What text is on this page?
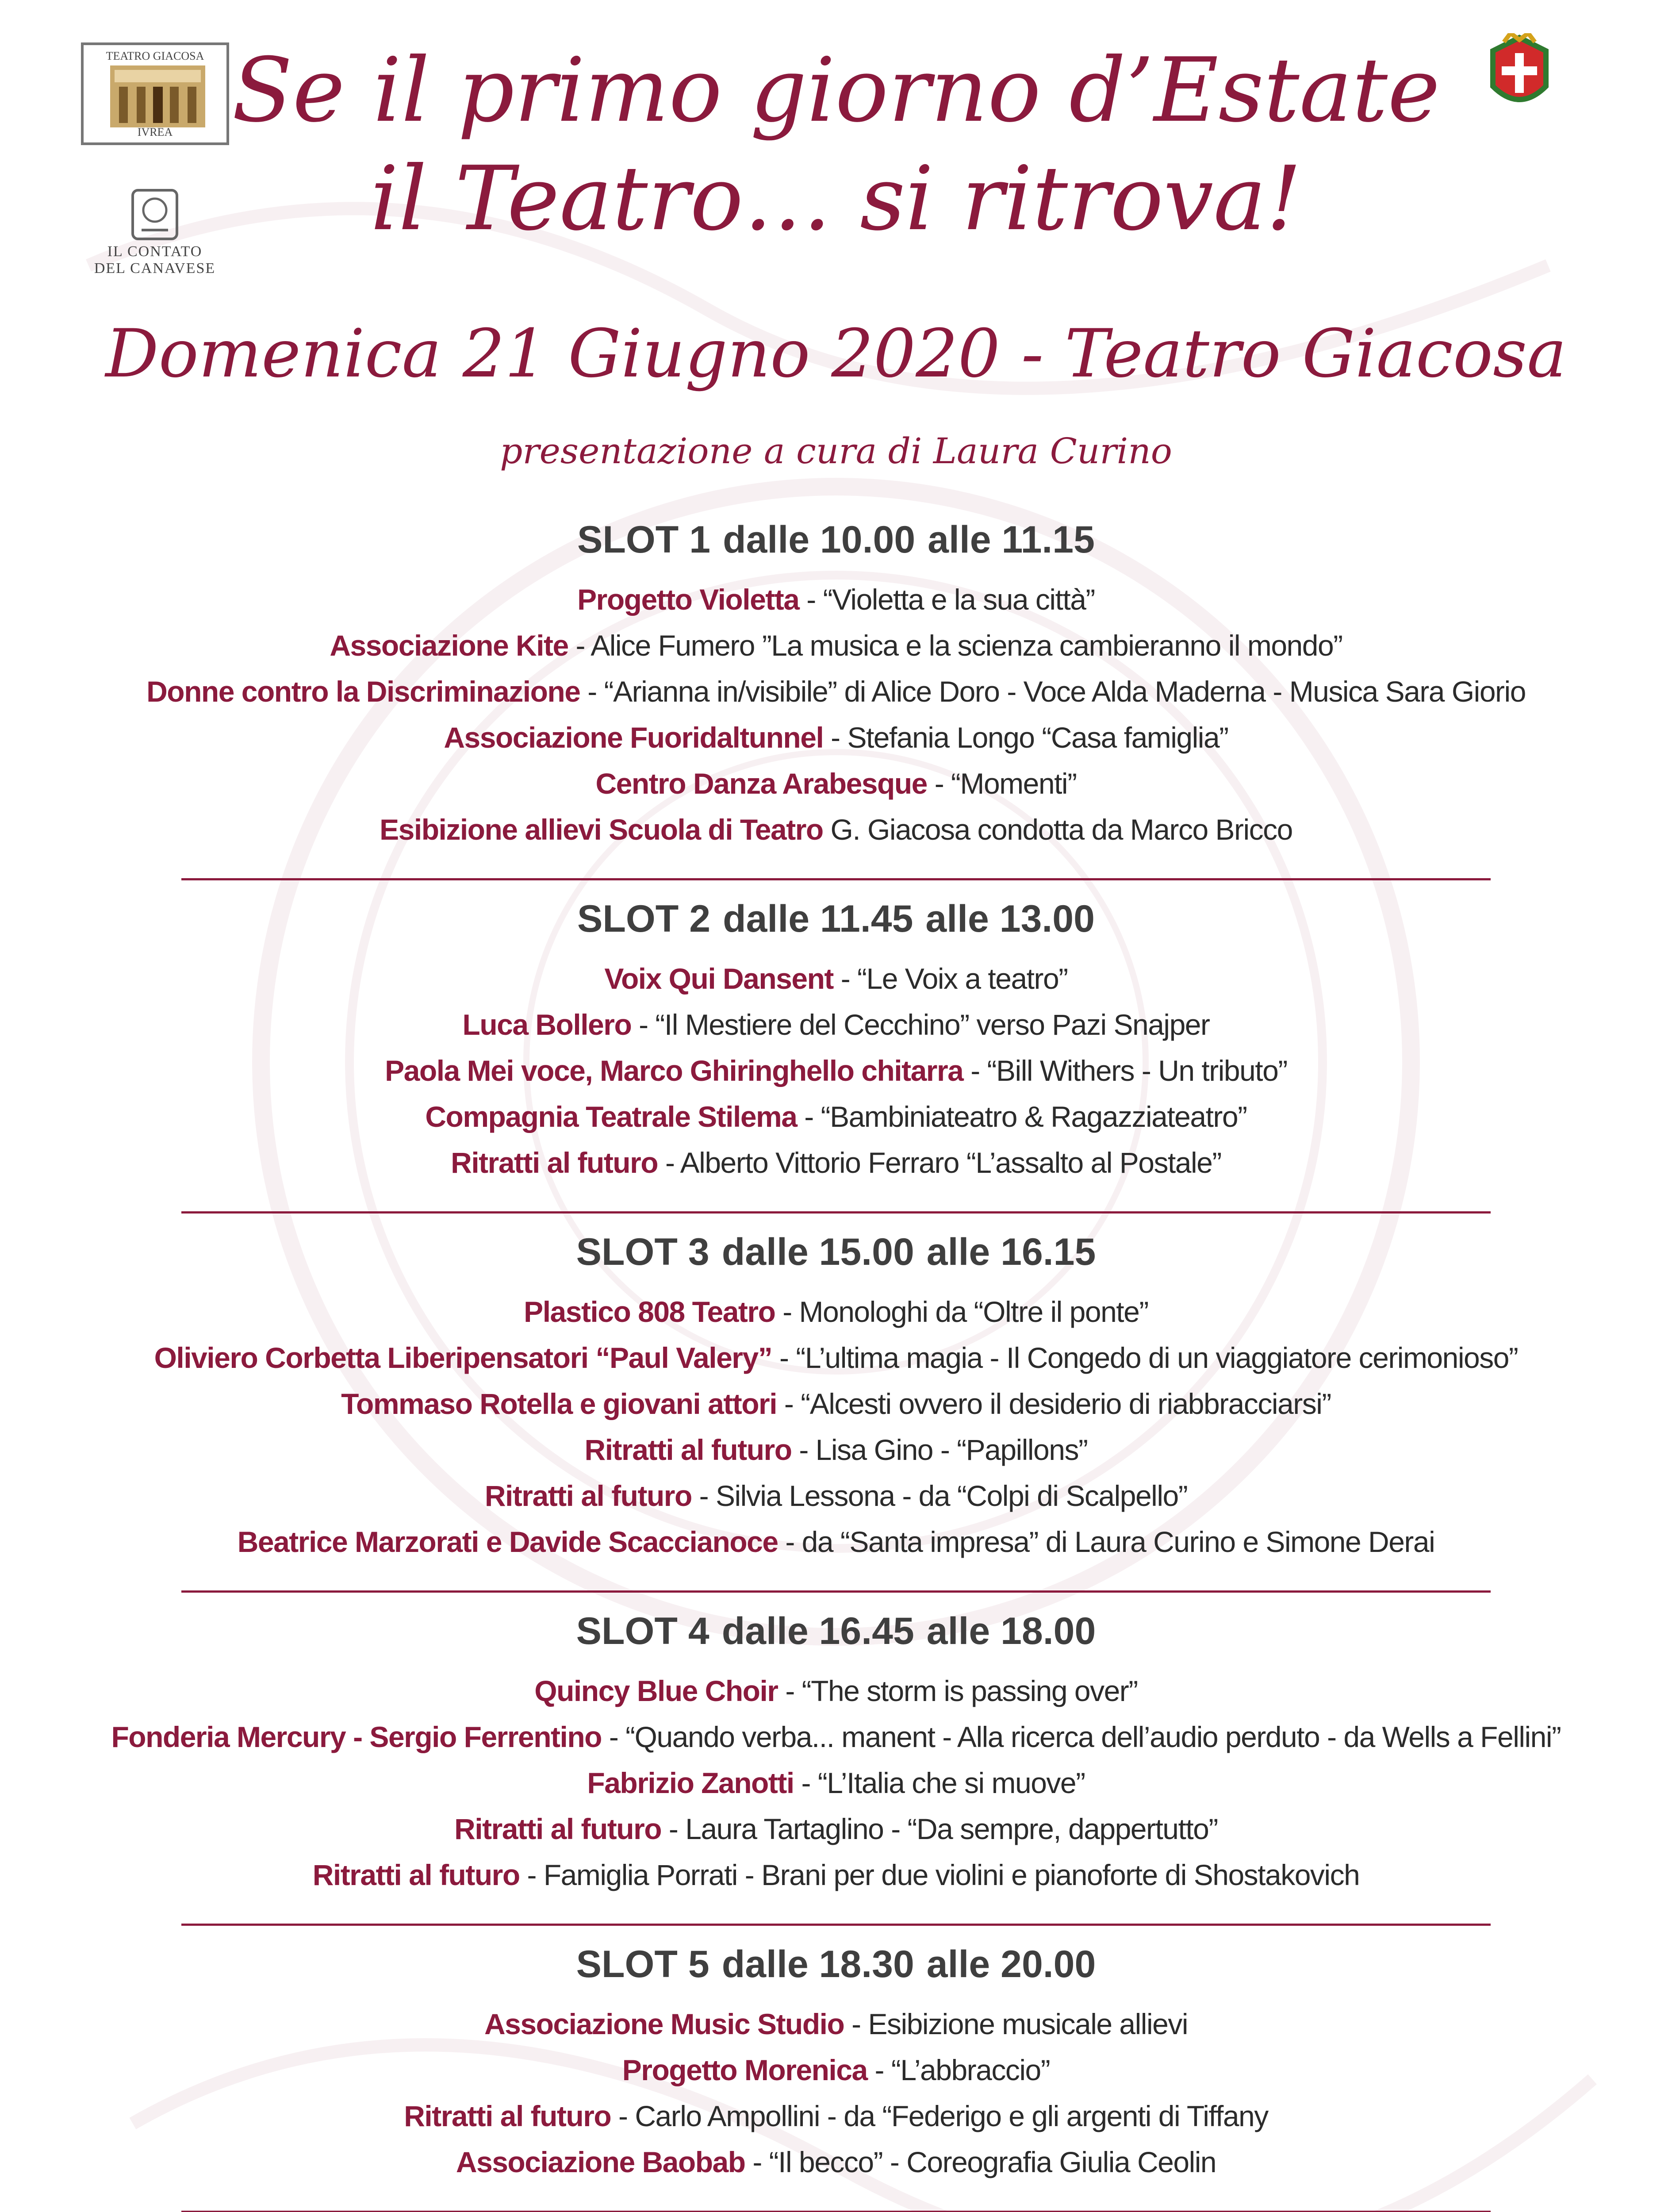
TEATRO GIACOSA
IVREA
IL CONTATO
DEL CANAVESE
Se il primo giorno d’Estate
il Teatro… si ritrova!
Domenica 21 Giugno 2020 - Teatro Giacosa
presentazione a cura di Laura Curino
SLOT 1 dalle 10.00 alle 11.15
Progetto Violetta - “Violetta e la sua città”
Associazione Kite - Alice Fumero ”La musica e la scienza cambieranno il mondo”
Donne contro la Discriminazione - “Arianna in/visibile” di Alice Doro - Voce Alda Maderna - Musica Sara Giorio
Associazione Fuoridaltunnel - Stefania Longo “Casa famiglia”
Centro Danza Arabesque - “Momenti”
Esibizione allievi Scuola di Teatro G. Giacosa condotta da Marco Bricco
SLOT 2 dalle 11.45 alle 13.00
Voix Qui Dansent - “Le Voix a teatro”
Luca Bollero - “Il Mestiere del Cecchino” verso Pazi Snajper
Paola Mei voce, Marco Ghiringhello chitarra - “Bill Withers - Un tributo”
Compagnia Teatrale Stilema - “Bambiniateatro & Ragazziateatro”
Ritratti al futuro - Alberto Vittorio Ferraro “L’assalto al Postale”
SLOT 3 dalle 15.00 alle 16.15
Plastico 808 Teatro - Monologhi da “Oltre il ponte”
Oliviero Corbetta Liberipensatori “Paul Valery” - “L’ultima magia - Il Congedo di un viaggiatore cerimonioso”
Tommaso Rotella e giovani attori - “Alcesti ovvero il desiderio di riabbracciarsi”
Ritratti al futuro - Lisa Gino - “Papillons”
Ritratti al futuro - Silvia Lessona - da “Colpi di Scalpello”
Beatrice Marzorati e Davide Scaccianoce - da “Santa impresa” di Laura Curino e Simone Derai
SLOT 4 dalle 16.45 alle 18.00
Quincy Blue Choir - “The storm is passing over”
Fonderia Mercury - Sergio Ferrentino - “Quando verba... manent - Alla ricerca dell’audio perduto - da Wells a Fellini”
Fabrizio Zanotti - “L’Italia che si muove”
Ritratti al futuro - Laura Tartaglino - “Da sempre, dappertutto”
Ritratti al futuro - Famiglia Porrati - Brani per due violini e pianoforte di Shostakovich
SLOT 5 dalle 18.30 alle 20.00
Associazione Music Studio - Esibizione musicale allievi
Progetto Morenica - “L’abbraccio”
Ritratti al futuro - Carlo Ampollini - da “Federigo e gli argenti di Tiffany
Associazione Baobab - “Il becco” - Coreografia Giulia Ceolin
